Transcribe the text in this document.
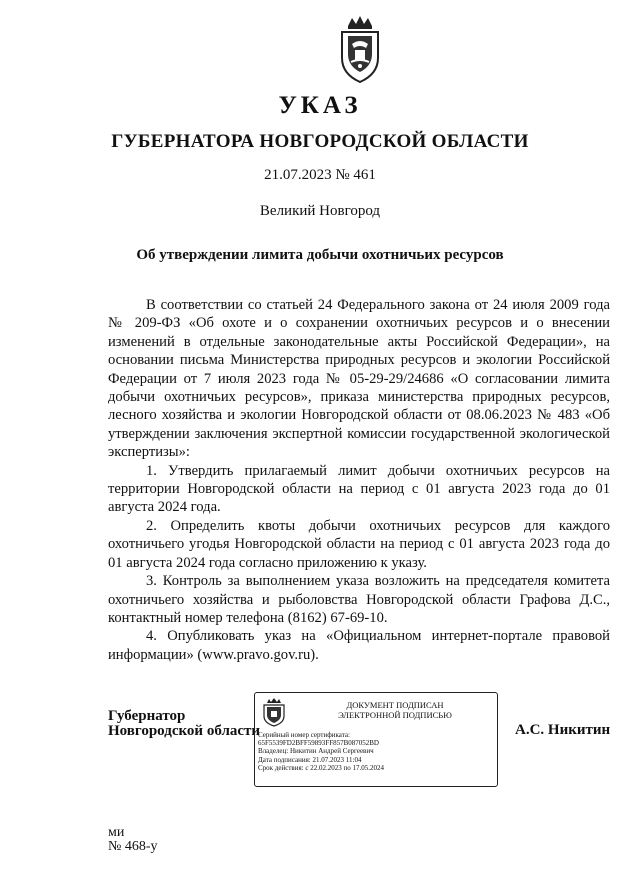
УКАЗ
ГУБЕРНАТОРА НОВГОРОДСКОЙ ОБЛАСТИ
21.07.2023 № 461
Великий Новгород
Об утверждении лимита добычи охотничьих ресурсов

В соответствии со статьей 24 Федерального закона от 24 июля 2009 года № 209-ФЗ «Об охоте и о сохранении охотничьих ресурсов и о внесении изменений в отдельные законодательные акты Российской Федерации», на основании письма Министерства природных ресурсов и экологии Российской Федерации от 7 июля 2023 года № 05-29-29/24686 «О согласовании лимита добычи охотничьих ресурсов», приказа министерства природных ресурсов, лесного хозяйства и экологии Новгородской области от 08.06.2023 № 483 «Об утверждении заключения экспертной комиссии государственной экологической экспертизы»:

1. Утвердить прилагаемый лимит добычи охотничьих ресурсов на территории Новгородской области на период с 01 августа 2023 года до 01 августа 2024 года.

2. Определить квоты добычи охотничьих ресурсов для каждого охотничьего угодья Новгородской области на период с 01 августа 2023 года до 01 августа 2024 года согласно приложению к указу.

3. Контроль за выполнением указа возложить на председателя комитета охотничьего хозяйства и рыболовства Новгородской области Графова Д.С., контактный номер телефона (8162) 67-69-10.

4. Опубликовать указ на «Официальном интернет-портале правовой информации» (www.pravo.gov.ru).

Губернатор
Новгородской области
ДОКУМЕНТ ПОДПИСАН
ЭЛЕКТРОННОЙ ПОДПИСЬЮ
Серийный номер сертификата:
65F5539FD2BFF59893FF857B087052BD
Владелец: Никитин Андрей Сергеевич
Дата подписания: 21.07.2023 11:04
Срок действия: с 22.02.2023 по 17.05.2024
А.С. Никитин
ми
№ 468-у
